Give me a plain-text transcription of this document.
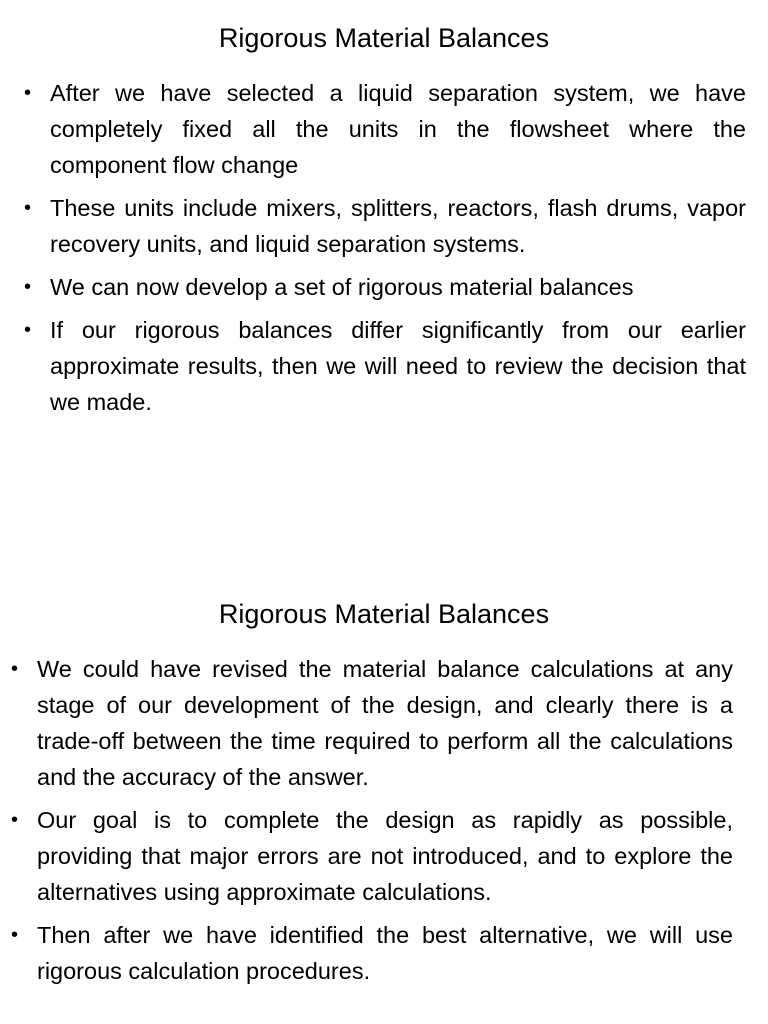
Rigorous Material Balances
• After we have selected a liquid separation system, we have completely fixed all the units in the flowsheet where the component flow change
• These units include mixers, splitters, reactors, flash drums, vapor recovery units, and liquid separation systems.
• We can now develop a set of rigorous material balances
• If our rigorous balances differ significantly from our earlier approximate results, then we will need to review the decision that we made.
Rigorous Material Balances
• We could have revised the material balance calculations at any stage of our development of the design, and clearly there is a trade-off between the time required to perform all the calculations and the accuracy of the answer.
• Our goal is to complete the design as rapidly as possible, providing that major errors are not introduced, and to explore the alternatives using approximate calculations.
• Then after we have identified the best alternative, we will use rigorous calculation procedures.
